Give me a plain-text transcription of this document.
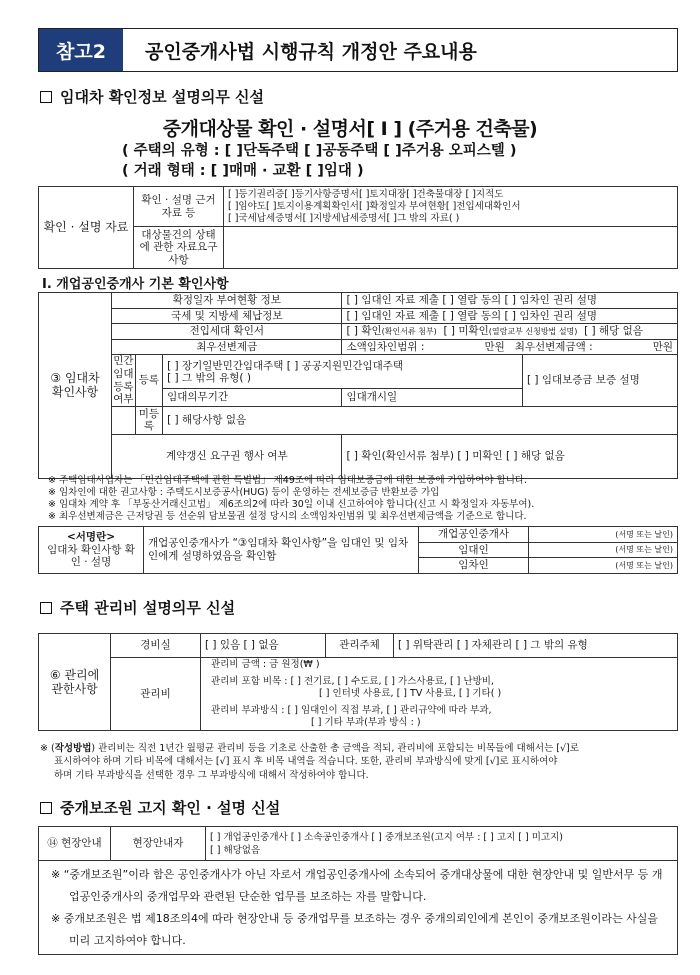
참고2	공인중개사법 시행규칙 개정안 주요내용
임대차 확인정보 설명의무 신설
중개대상물 확인 · 설명서[ Ⅰ ] (주거용 건축물)
( 주택의 유형 : [ ]단독주택 [ ]공동주택 [ ]주거용 오피스텔 )
( 거래 형태 : [ ]매매 · 교환 [ ]임대 )
확인 · 설명 자료	확인 · 설명 근거자료 등	[ ]등기권리증[ ]등기사항증명서[ ]토지대장[ ]건축물대장 [ ]지적도
[ ]임야도[ ]토지이용계획확인서[ ]확정일자 부여현황[ ]전입세대확인서
[ ]국세납세증명서[ ]지방세납세증명서[ ]그 밖의 자료( )

	대상물건의 상태에 관한 자료요구 사항	
Ⅰ. 개업공인중개사 기본 확인사항
③ 임대차 확인사항	확정일자 부여현황 정보			[ ] 임대인 자료 제출 [ ] 열람 동의 [ ] 임차인 권리 설명	
	국세 및 지방세 체납정보			[ ] 임대인 자료 제출 [ ] 열람 동의 [ ] 임차인 권리 설명	
	전입세대 확인서			[ ] 확인(확인서류 첨부) [ ] 미확인(열람교부 신청방법 설명) [ ] 해당 없음	
	최우선변제금			소액임차인범위 :                  만원   최우선변제금액 :                  만원	
	민간 임대 등록 여부	등록	[ ] 장기일반민간임대주택 [ ] 공공지원민간임대주택
[ ] 그 밖의 유형( )		[ ] 임대보증금 보증 설명
			임대의무기간	임대개시일	
		미등록	[ ] 해당사항 없음		
	계약갱신 요구권 행사 여부			[ ] 확인(확인서류 첨부) [ ] 미확인 [ ] 해당 없음	
※ 주택임대사업자는 「민간임대주택에 관한 특별법」 제49조에 따라 임대보증금에 대한 보증에 가입하여야 합니다.
※ 임차인에 대한 권고사항 : 주택도시보증공사(HUG) 등이 운영하는 전세보증금 반환보증 가입
※ 임대차 계약 후 「부동산거래신고법」 제6조의2에 따라 30일 이내 신고하여야 합니다(신고 시 확정일자 자동부여).
※ 최우선변제금은 근저당권 등 선순위 담보물권 설정 당시의 소액임차인범위 및 최우선변제금액을 기준으로 합니다.
<서명란>
임대차 확인사항 확인 · 설명	개업공인중개사가 “③임대차 확인사항”을 임대인 및 임차인에게 설명하였음을 확인함	개업공인중개사	(서명 또는 날인)
		임대인	(서명 또는 날인)
		임차인	(서명 또는 날인)
주택 관리비 설명의무 신설
⑥ 관리에 관한사항	경비실	[ ] 있음 [ ] 없음	관리주체	[ ] 위탁관리 [ ] 자체관리 [ ] 그 밖의 유형
	관리비	관리비 금액 : 금 원정(₩ )
관리비 포함 비목 : [ ] 전기료, [ ] 수도료, [ ] 가스사용료, [ ] 난방비,
[ ] 인터넷 사용료, [ ] TV 사용료, [ ] 기타( )
관리비 부과방식 : [ ] 임대인이 직접 부과, [ ] 관리규약에 따라 부과,
[ ] 기타 부과(부과 방식 : )		
※ (작성방법) 관리비는 직전 1년간 월평균 관리비 등을 기초로 산출한 총 금액을 적되, 관리비에 포함되는 비목들에 대해서는 [√]로
표시하여야 하며 기타 비목에 대해서는 [√] 표시 후 비목 내역을 적습니다. 또한, 관리비 부과방식에 맞게 [√]로 표시하여야
하며 기타 부과방식을 선택한 경우 그 부과방식에 대해서 작성하여야 합니다.
중개보조원 고지 확인 · 설명 신설
⑭ 현장안내	현장안내자	
[ ] 개업공인중개사 [ ] 소속공인중개사 [ ] 중개보조원(고지 여부 : [ ] 고지 [ ] 미고지)
[ ] 해당없음
※ “중개보조원”이라 함은 공인중개사가 아닌 자로서 개업공인중개사에 소속되어 중개대상물에 대한 현장안내 및 일반서무 등 개업공인중개사의 중개업무와 관련된 단순한 업무를 보조하는 자를 말합니다.
※ 중개보조원은 법 제18조의4에 따라 현장안내 등 중개업무를 보조하는 경우 중개의뢰인에게 본인이 중개보조원이라는 사실을 미리 고지하여야 합니다.
